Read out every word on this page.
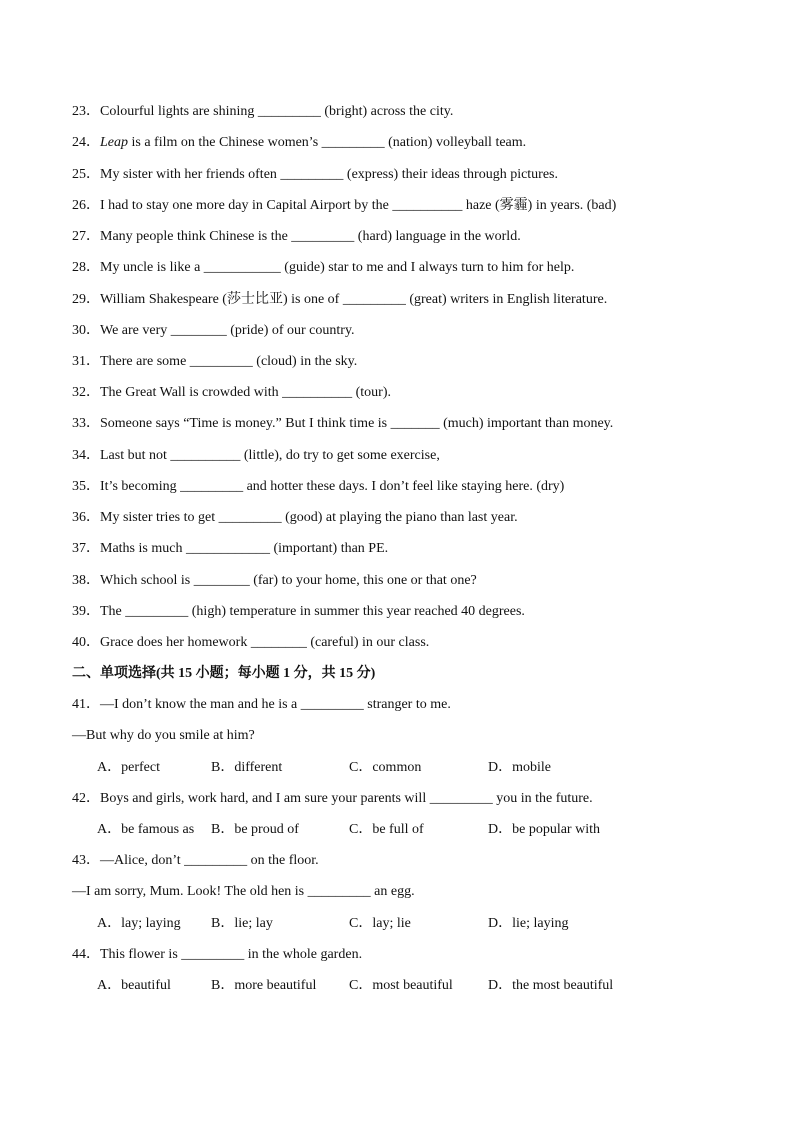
23．Colourful lights are shining _________ (bright) across the city.
24．Leap is a film on the Chinese women’s _________ (nation) volleyball team.
25．My sister with her friends often _________ (express) their ideas through pictures.
26．I had to stay one more day in Capital Airport by the __________ haze (雾霾) in years. (bad)
27．Many people think Chinese is the _________ (hard) language in the world.
28．My uncle is like a ___________ (guide) star to me and I always turn to him for help.
29．William Shakespeare (莎士比亚) is one of _________ (great) writers in English literature.
30．We are very ________ (pride) of our country.
31．There are some _________ (cloud) in the sky.
32．The Great Wall is crowded with __________ (tour).
33．Someone says “Time is money.” But I think time is _______ (much) important than money.
34．Last but not __________ (little), do try to get some exercise,
35．It’s becoming _________ and hotter these days. I don’t feel like staying here. (dry)
36．My sister tries to get _________ (good) at playing the piano than last year.
37．Maths is much ____________ (important) than PE.
38．Which school is ________ (far) to your home, this one or that one?
39．The _________ (high) temperature in summer this year reached 40 degrees.
40．Grace does her homework ________ (careful) in our class.
二、单项选择(共 15 小题；每小题 1 分，共 15 分)
41．—I don’t know the man and he is a _________ stranger to me.
—But why do you smile at him?
A．perfect	B．different	C．common	D．mobile
42．Boys and girls, work hard, and I am sure your parents will _________ you in the future.
A．be famous as B．be proud of	C．be full of	D．be popular with
43．—Alice, don’t _________ on the floor.
—I am sorry, Mum. Look! The old hen is _________ an egg.
A．lay; laying B．lie; lay	C．lay; lie	D．lie; laying
44．This flower is _________ in the whole garden.
A．beautiful	B．more beautiful C．most beautiful	D．the most beautiful
